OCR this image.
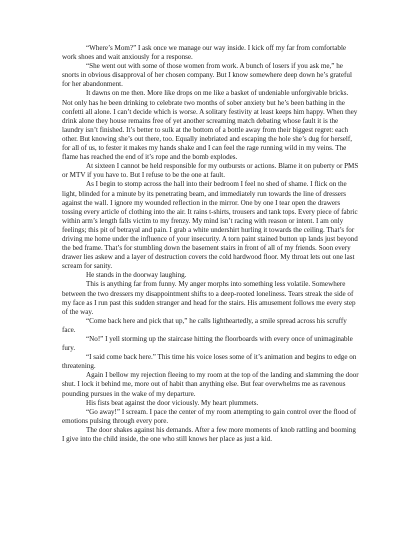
“Where’s Mom?” I ask once we manage our way inside. I kick off my far from comfortable work shoes and wait anxiously for a response.

“She went out with some of those women from work. A bunch of losers if you ask me,” he snorts in obvious disapproval of her chosen company. But I know somewhere deep down he’s grateful for her abandonment.

It dawns on me then. More like drops on me like a basket of undeniable unforgivable bricks. Not only has he been drinking to celebrate two months of sober anxiety but he’s been bathing in the confetti all alone. I can’t decide which is worse. A solitary festivity at least keeps him happy. When they drink alone they house remains free of yet another screaming match debating whose fault it is the laundry isn’t finished. It’s better to sulk at the bottom of a bottle away from their biggest regret: each other. But knowing she’s out there, too. Equally inebriated and escaping the hole she’s dug for herself, for all of us, to fester it makes my hands shake and I can feel the rage running wild in my veins. The flame has reached the end of it’s rope and the bomb explodes.

At sixteen I cannot be held responsible for my outbursts or actions. Blame it on puberty or PMS or MTV if you have to. But I refuse to be the one at fault.

As I begin to stomp across the hall into their bedroom I feel no shed of shame. I flick on the light, blinded for a minute by its penetrating beam, and immediately run towards the line of dressers against the wall. I ignore my wounded reflection in the mirror. One by one I tear open the drawers tossing every article of clothing into the air. It rains t-shirts, trousers and tank tops. Every piece of fabric within arm’s length falls victim to my frenzy. My mind isn’t racing with reason or intent. I am only feelings; this pit of betrayal and pain. I grab a white undershirt hurling it towards the ceiling. That’s for driving me home under the influence of your insecurity. A torn paint stained button up lands just beyond the bed frame. That’s for stumbling down the basement stairs in front of all of my friends. Soon every drawer lies askew and a layer of destruction covers the cold hardwood floor. My throat lets out one last scream for sanity.

He stands in the doorway laughing.

This is anything far from funny. My anger morphs into something less volatile. Somewhere between the two dressers my disappointment shifts to a deep-rooted loneliness. Tears streak the side of my face as I run past this sudden stranger and head for the stairs. His amusement follows me every step of the way.

“Come back here and pick that up,” he calls lightheartedly, a smile spread across his scruffy face.

“No!” I yell storming up the staircase hitting the floorboards with every once of unimaginable fury.

“I said come back here.” This time his voice loses some of it’s animation and begins to edge on threatening.

Again I bellow my rejection fleeing to my room at the top of the landing and slamming the door shut. I lock it behind me, more out of habit than anything else. But fear overwhelms me as ravenous pounding pursues in the wake of my departure.

His fists beat against the door viciously. My heart plummets.

“Go away!” I scream. I pace the center of my room attempting to gain control over the flood of emotions pulsing through every pore.

The door shakes against his demands. After a few more moments of knob rattling and booming I give into the child inside, the one who still knows her place as just a kid.
